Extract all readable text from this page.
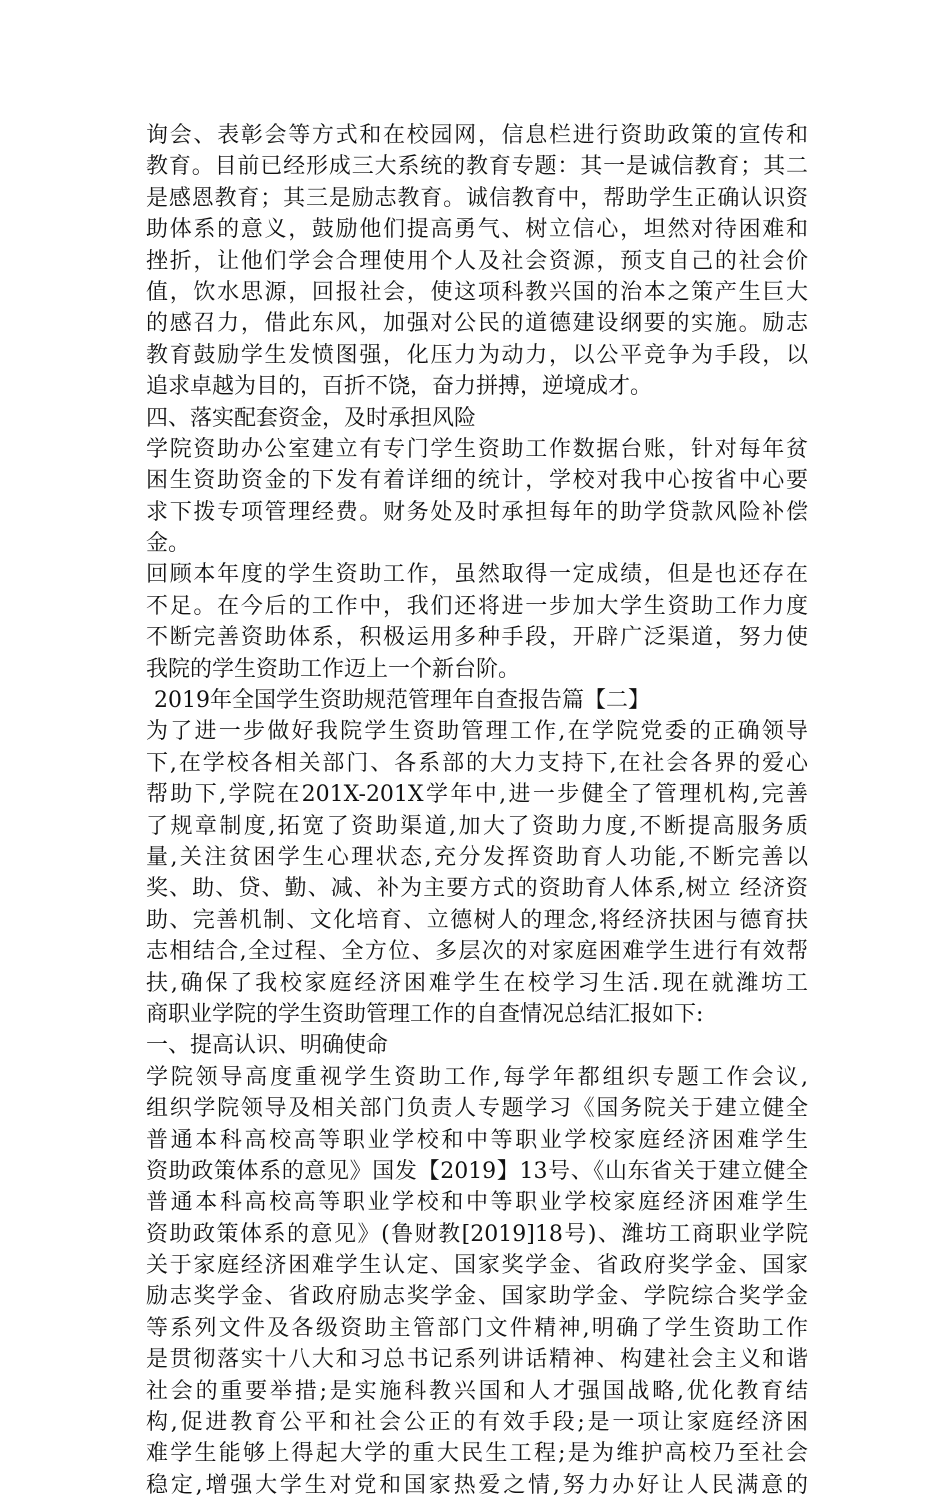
询会、表彰会等方式和在校园网，信息栏进行资助政策的宣传和
教育。目前已经形成三大系统的教育专题：其一是诚信教育；其二
是感恩教育；其三是励志教育。诚信教育中，帮助学生正确认识资
助体系的意义，鼓励他们提高勇气、树立信心，坦然对待困难和
挫折，让他们学会合理使用个人及社会资源，预支自己的社会价
值，饮水思源，回报社会，使这项科教兴国的治本之策产生巨大
的感召力，借此东风，加强对公民的道德建设纲要的实施。励志
教育鼓励学生发愤图强，化压力为动力，以公平竞争为手段，以
追求卓越为目的，百折不饶，奋力拼搏，逆境成才。
四、落实配套资金，及时承担风险
学院资助办公室建立有专门学生资助工作数据台账，针对每年贫
困生资助资金的下发有着详细的统计，学校对我中心按省中心要
求下拨专项管理经费。财务处及时承担每年的助学贷款风险补偿
金。
回顾本年度的学生资助工作，虽然取得一定成绩，但是也还存在
不足。在今后的工作中，我们还将进一步加大学生资助工作力度
不断完善资助体系，积极运用多种手段，开辟广泛渠道，努力使
我院的学生资助工作迈上一个新台阶。
2019年全国学生资助规范管理年自查报告篇【二】
为了进一步做好我院学生资助管理工作,在学院党委的正确领导
下,在学校各相关部门、各系部的大力支持下,在社会各界的爱心
帮助下,学院在201X-201X学年中,进一步健全了管理机构,完善
了规章制度,拓宽了资助渠道,加大了资助力度,不断提高服务质
量,关注贫困学生心理状态,充分发挥资助育人功能,不断完善以
奖、助、贷、勤、减、补为主要方式的资助育人体系,树立 经济资
助、完善机制、文化培育、立德树人的理念,将经济扶困与德育扶
志相结合,全过程、全方位、多层次的对家庭困难学生进行有效帮
扶,确保了我校家庭经济困难学生在校学习生活.现在就潍坊工
商职业学院的学生资助管理工作的自查情况总结汇报如下:
一、提高认识、明确使命
学院领导高度重视学生资助工作,每学年都组织专题工作会议,
组织学院领导及相关部门负责人专题学习《国务院关于建立健全
普通本科高校高等职业学校和中等职业学校家庭经济困难学生
资助政策体系的意见》国发【2019】13号、《山东省关于建立健全
普通本科高校高等职业学校和中等职业学校家庭经济困难学生
资助政策体系的意见》(鲁财教[2019]18号)、潍坊工商职业学院
关于家庭经济困难学生认定、国家奖学金、省政府奖学金、国家
励志奖学金、省政府励志奖学金、国家助学金、学院综合奖学金
等系列文件及各级资助主管部门文件精神,明确了学生资助工作
是贯彻落实十八大和习总书记系列讲话精神、构建社会主义和谐
社会的重要举措;是实施科教兴国和人才强国战略,优化教育结
构,促进教育公平和社会公正的有效手段;是一项让家庭经济困
难学生能够上得起大学的重大民生工程;是为维护高校乃至社会
稳定,增强大学生对党和国家热爱之情,努力办好让人民满意的
